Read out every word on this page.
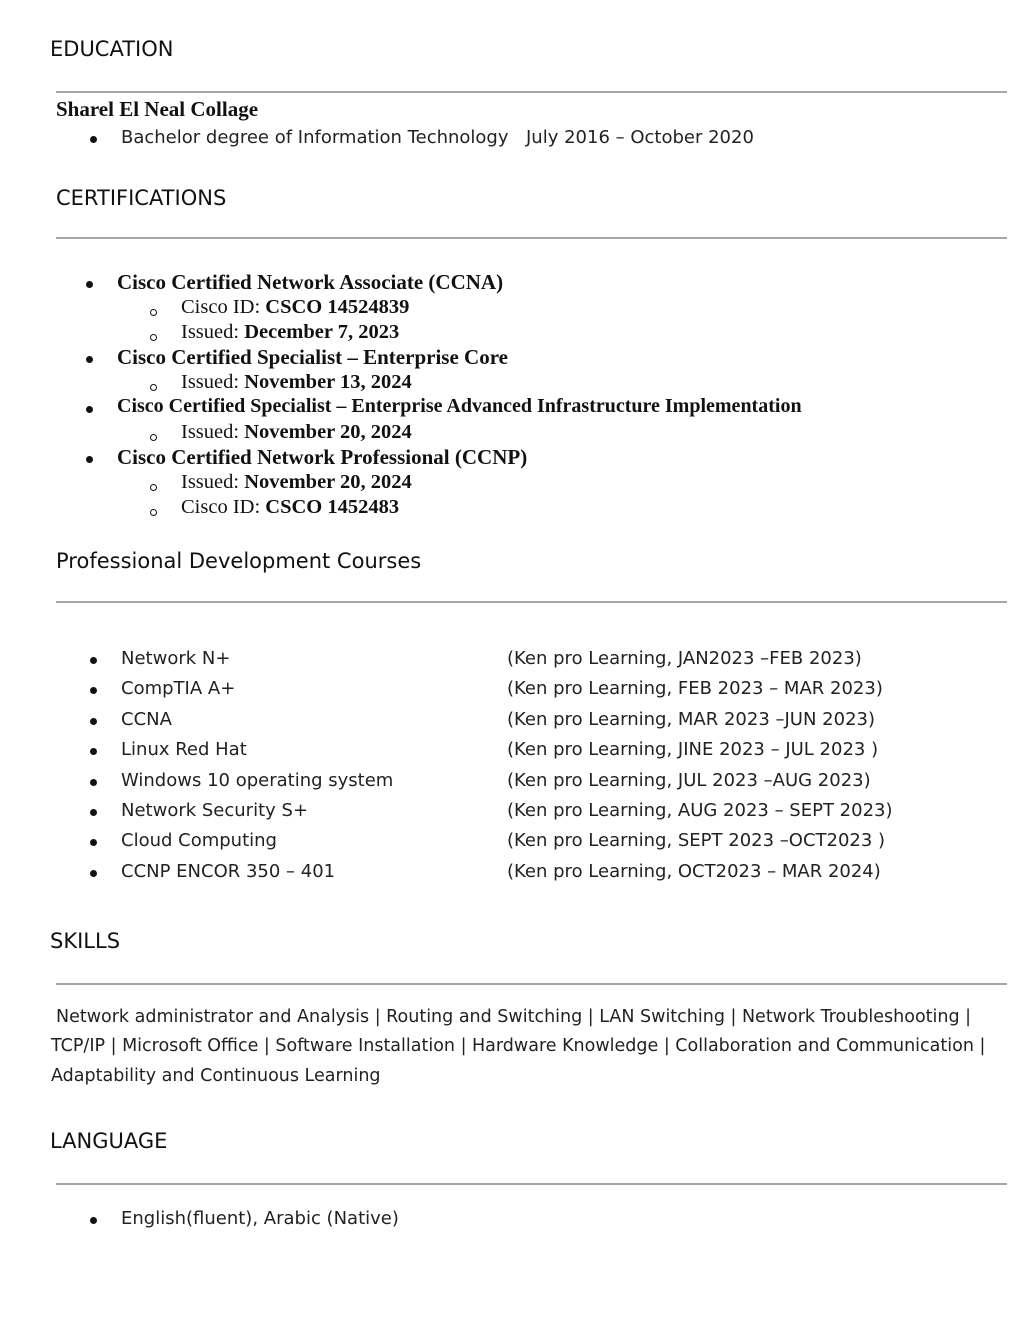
EDUCATION
Sharel El Neal Collage
Bachelor degree of Information Technology July 2016 – October 2020
CERTIFICATIONS
Cisco Certified Network Associate (CCNA)
Cisco ID: CSCO 14524839
Issued: December 7, 2023
Cisco Certified Specialist – Enterprise Core
Issued: November 13, 2024
Cisco Certified Specialist – Enterprise Advanced Infrastructure Implementation
Issued: November 20, 2024
Cisco Certified Network Professional (CCNP)
Issued: November 20, 2024
Cisco ID: CSCO 1452483
Professional Development Courses
Network N+	(Ken pro Learning, JAN2023 –FEB 2023)
CompTIA A+	(Ken pro Learning, FEB 2023 – MAR 2023)
CCNA	(Ken pro Learning, MAR 2023 –JUN 2023)
Linux Red Hat	(Ken pro Learning, JINE 2023 – JUL 2023 )
Windows 10 operating system	(Ken pro Learning, JUL 2023 –AUG 2023)
Network Security S+	(Ken pro Learning, AUG 2023 – SEPT 2023)
Cloud Computing	(Ken pro Learning, SEPT 2023 –OCT2023 )
CCNP ENCOR 350 – 401	(Ken pro Learning, OCT2023 – MAR 2024)
SKILLS
Network administrator and Analysis | Routing and Switching | LAN Switching | Network Troubleshooting |
TCP/IP | Microsoft Office | Software Installation | Hardware Knowledge | Collaboration and Communication |
Adaptability and Continuous Learning
LANGUAGE
English(fluent), Arabic (Native)
